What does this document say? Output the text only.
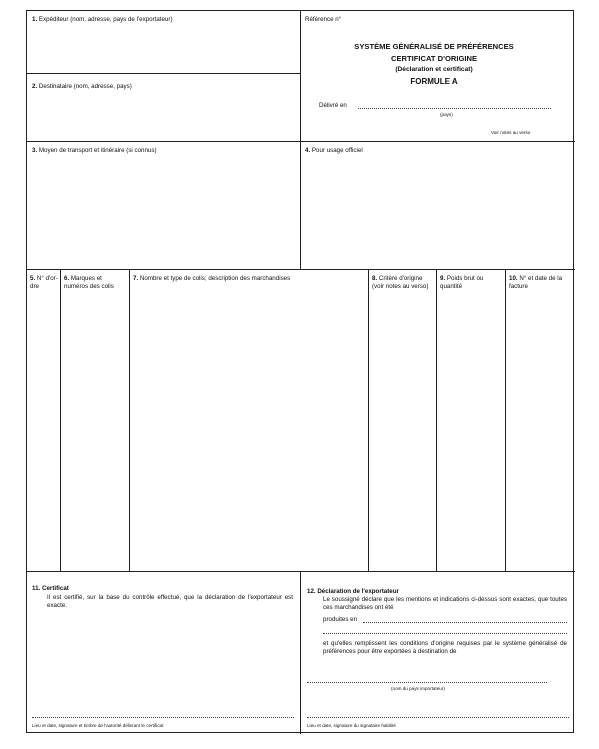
1. Expéditeur (nom, adresse, pays de l'exportateur)	Référence n°
SYSTÈME GÉNÉRALISÉ DE PRÉFÉRENCES
CERTIFICAT D'ORIGINE
(Déclaration et certificat)
FORMULE A
Délivré en
(pays)
Voir notes au verso
2. Destinataire (nom, adresse, pays)
3. Moyen de transport et itinéraire (si connus)	4. Pour usage officiel
5. N° d'or-dre
6. Marques et numéros des colis
7. Nombre et type de colis; description des marchandises	8. Critère d'origine (voir notes au verso)
9. Poids brut ou quantité
10. N° et date de la facture
11. Certificat
Il est certifié, sur la base du contrôle effectué, que la déclaration de l'exportateur est exacte.
Lieu et date, signature et timbre de l'autorité délivrant le certificat
12. Déclaration de l'exportateur
Le soussigné déclare que les mentions et indications ci-dessus sont exactes, que toutes ces marchandises ont été
produites en
et qu'elles remplissent les conditions d'origine requises par le système généralisé de préférences pour être exportées à destination de
(nom du pays importateur)
Lieu et date, signature du signataire habilité
